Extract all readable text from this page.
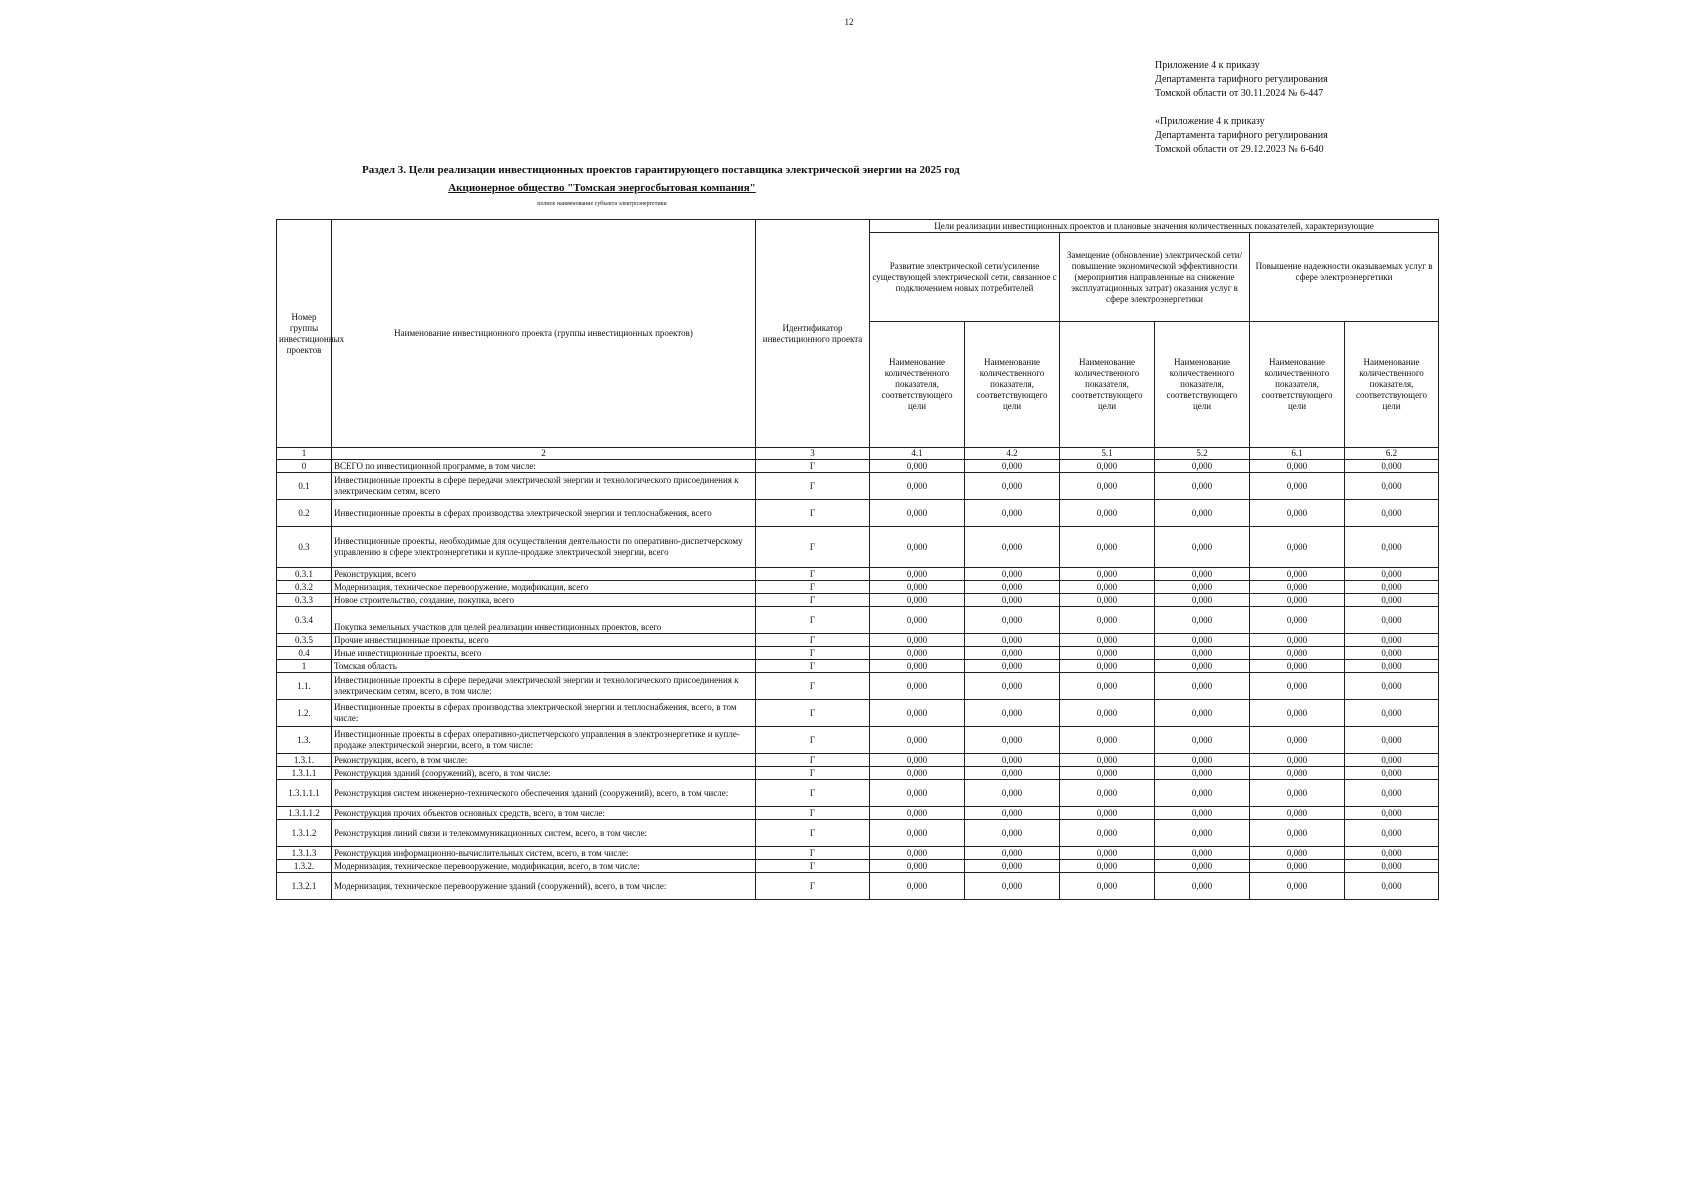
12
Приложение 4 к приказу
Департамента тарифного регулирования
Томской области от 30.11.2024 № 6-447
«Приложение 4 к приказу
Департамента тарифного регулирования
Томской области от 29.12.2023 № 6-640
Раздел 3. Цели реализации инвестиционных проектов гарантирующего поставщика электрической энергии на 2025 год
Акционерное общество "Томская энергосбытовая компания"
полное наименование субъекта электроэнергетики
Номер группы инвестиционных проектов	Наименование инвестиционного проекта (группы инвестиционных проектов)	Идентификатор инвестиционного проекта	Цели реализации инвестиционных проектов и плановые значения количественных показателей, характеризующие					
			Развитие электрической сети/усиление существующей электрической сети, связанное с подключением новых потребителей		Замещение (обновление) электрической сети/повышение экономической эффективности (мероприятия направленные на снижение эксплуатационных затрат) оказания услуг в сфере электроэнергетики		Повышение надежности оказываемых услуг в сфере электроэнергетики	
			Наименование количественного показателя, соответствующего цели	Наименование количественного показателя, соответствующего цели	Наименование количественного показателя, соответствующего цели	Наименование количественного показателя, соответствующего цели	Наименование количественного показателя, соответствующего цели	Наименование количественного показателя, соответствующего цели
1	2	3	4.1	4.2	5.1	5.2	6.1	6.2
0	ВСЕГО по инвестиционной программе, в том числе:	Г	0,000	0,000	0,000	0,000	0,000	0,000
0.1	Инвестиционные проекты в сфере передачи электрической энергии и технологического присоединения к электрическим сетям, всего	Г	0,000	0,000	0,000	0,000	0,000	0,000
0.2	Инвестиционные проекты в сферах производства электрической энергии и теплоснабжения, всего	Г	0,000	0,000	0,000	0,000	0,000	0,000
0.3	Инвестиционные проекты, необходимые для осуществления деятельности по оперативно-диспетчерскому управлению в сфере электроэнергетики и купле-продаже электрической энергии, всего	Г	0,000	0,000	0,000	0,000	0,000	0,000
0.3.1	Реконструкция, всего	Г	0,000	0,000	0,000	0,000	0,000	0,000
0.3.2	Модернизация, техническое перевооружение, модификация, всего	Г	0,000	0,000	0,000	0,000	0,000	0,000
0.3.3	Новое строительство, создание, покупка, всего	Г	0,000	0,000	0,000	0,000	0,000	0,000
0.3.4	Покупка земельных участков для целей реализации инвестиционных проектов, всего	Г	0,000	0,000	0,000	0,000	0,000	0,000
0.3.5	Прочие инвестиционные проекты, всего	Г	0,000	0,000	0,000	0,000	0,000	0,000
0.4	Иные инвестиционные проекты, всего	Г	0,000	0,000	0,000	0,000	0,000	0,000
1	Томская область	Г	0,000	0,000	0,000	0,000	0,000	0,000
1.1.	Инвестиционные проекты в сфере передачи электрической энергии и технологического присоединения к электрическим сетям, всего, в том числе:	Г	0,000	0,000	0,000	0,000	0,000	0,000
1.2.	Инвестиционные проекты в сферах производства электрической энергии и теплоснабжения, всего, в том числе:	Г	0,000	0,000	0,000	0,000	0,000	0,000
1.3.	Инвестиционные проекты в сферах оперативно-диспетчерского управления в электроэнергетике и купле-продаже электрической энергии, всего, в том числе:	Г	0,000	0,000	0,000	0,000	0,000	0,000
1.3.1.	Реконструкция, всего, в том числе:	Г	0,000	0,000	0,000	0,000	0,000	0,000
1.3.1.1	Реконструкция зданий (сооружений), всего, в том числе:	Г	0,000	0,000	0,000	0,000	0,000	0,000
1.3.1.1.1	Реконструкция систем инженерно-технического обеспечения зданий (сооружений), всего, в том числе:	Г	0,000	0,000	0,000	0,000	0,000	0,000
1.3.1.1.2	Реконструкция прочих объектов основных средств, всего, в том числе:	Г	0,000	0,000	0,000	0,000	0,000	0,000
1.3.1.2	Реконструкция линий связи и телекоммуникационных систем, всего, в том числе:	Г	0,000	0,000	0,000	0,000	0,000	0,000
1.3.1.3	Реконструкция информационно-вычислительных систем, всего, в том числе:	Г	0,000	0,000	0,000	0,000	0,000	0,000
1.3.2.	Модернизация, техническое перевооружение, модификация, всего, в том числе:	Г	0,000	0,000	0,000	0,000	0,000	0,000
1.3.2.1	Модернизация, техническое перевооружение зданий (сооружений), всего, в том числе:	Г	0,000	0,000	0,000	0,000	0,000	0,000
